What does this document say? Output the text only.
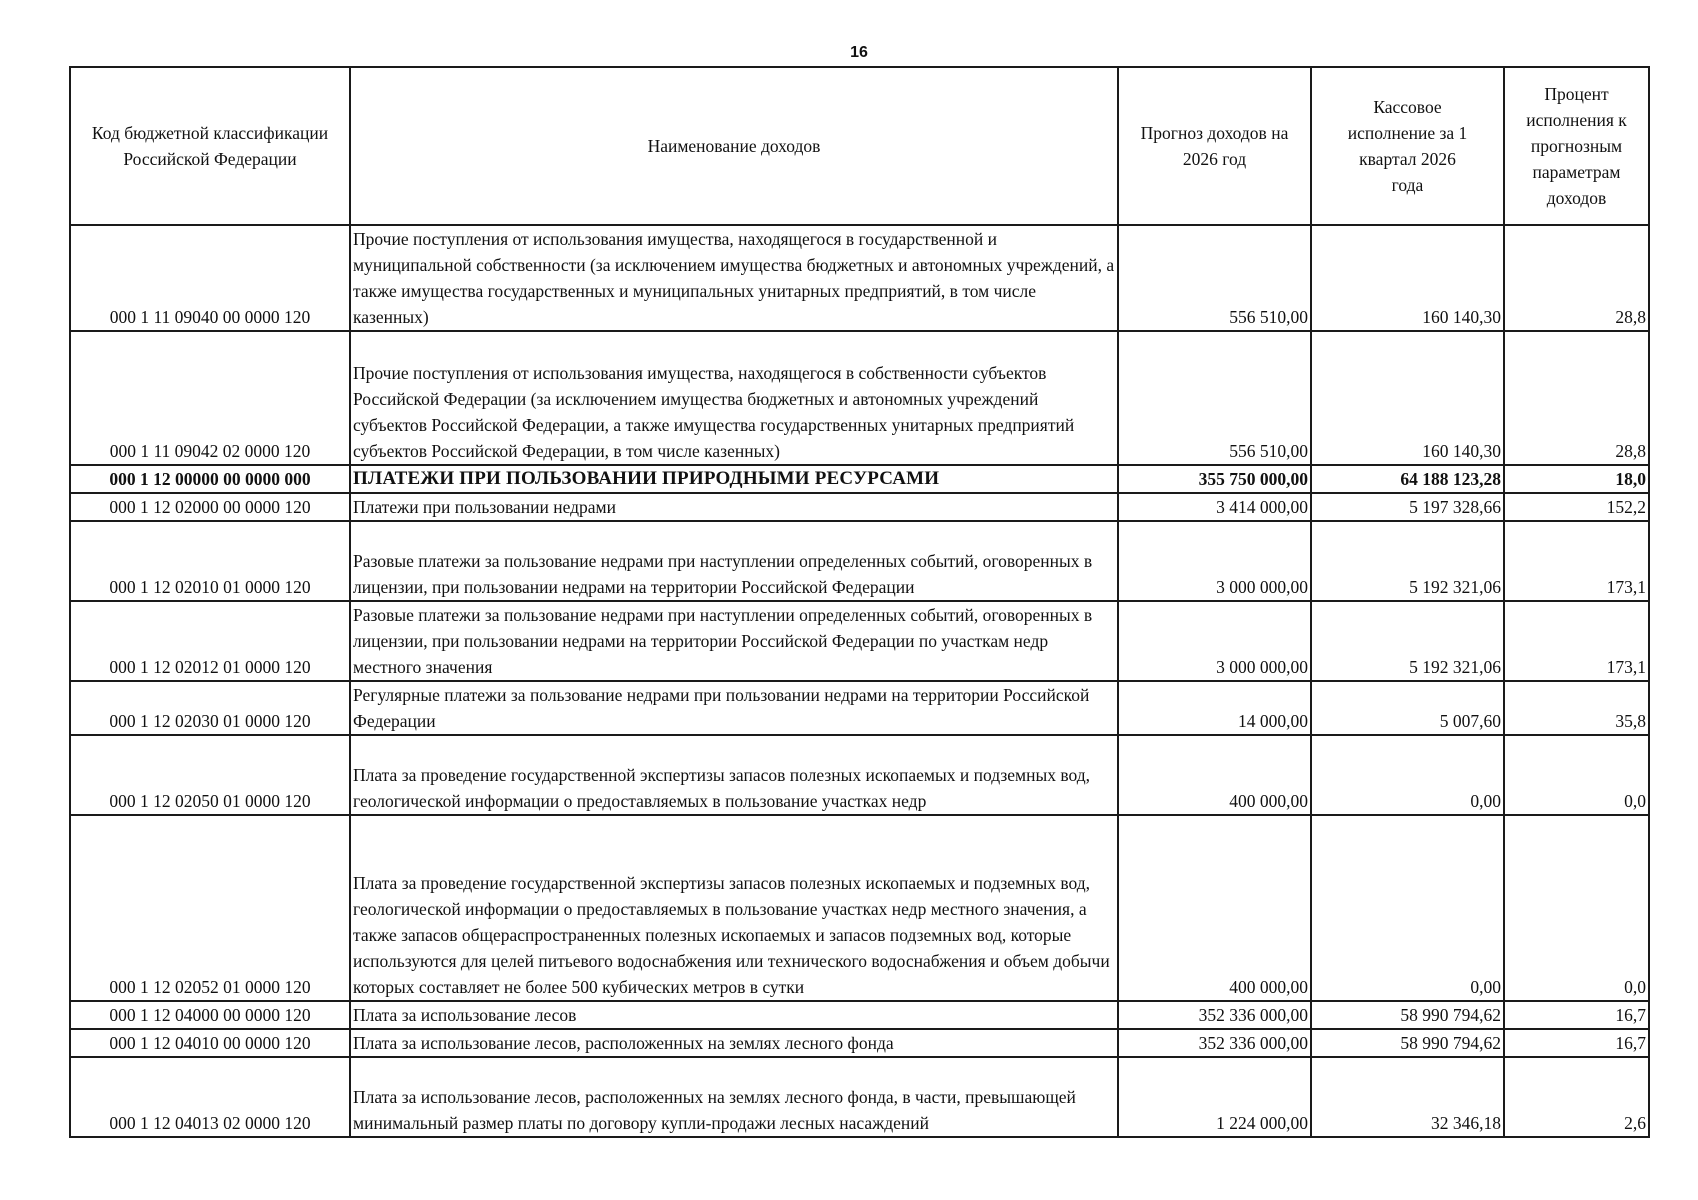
16
Код бюджетной классификации Российской Федерации	Наименование доходов	Прогноз доходов на 2026 год	Кассовое исполнение за 1 квартал 2026 года	Процент исполнения к прогнозным параметрам доходов
000 1 11 09040 00 0000 120	Прочие поступления от использования имущества, находящегося в государственной и муниципальной собственности (за исключением имущества бюджетных и автономных учреждений, а также имущества государственных и муниципальных унитарных предприятий, в том числе казенных)	556 510,00	160 140,30	28,8
000 1 11 09042 02 0000 120	Прочие поступления от использования имущества, находящегося в собственности субъектов Российской Федерации (за исключением имущества бюджетных и автономных учреждений субъектов Российской Федерации, а также имущества государственных унитарных предприятий субъектов Российской Федерации, в том числе казенных)	556 510,00	160 140,30	28,8
000 1 12 00000 00 0000 000	ПЛАТЕЖИ ПРИ ПОЛЬЗОВАНИИ ПРИРОДНЫМИ РЕСУРСАМИ	355 750 000,00	64 188 123,28	18,0
000 1 12 02000 00 0000 120	Платежи при пользовании недрами	3 414 000,00	5 197 328,66	152,2
000 1 12 02010 01 0000 120	Разовые платежи за пользование недрами при наступлении определенных событий, оговоренных в лицензии, при пользовании недрами на территории Российской Федерации	3 000 000,00	5 192 321,06	173,1
000 1 12 02012 01 0000 120	Разовые платежи за пользование недрами при наступлении определенных событий, оговоренных в лицензии, при пользовании недрами на территории Российской Федерации по участкам недр местного значения	3 000 000,00	5 192 321,06	173,1
000 1 12 02030 01 0000 120	Регулярные платежи за пользование недрами при пользовании недрами на территории Российской Федерации	14 000,00	5 007,60	35,8
000 1 12 02050 01 0000 120	Плата за проведение государственной экспертизы запасов полезных ископаемых и подземных вод, геологической информации о предоставляемых в пользование участках недр	400 000,00	0,00	0,0
000 1 12 02052 01 0000 120	Плата за проведение государственной экспертизы запасов полезных ископаемых и подземных вод, геологической информации о предоставляемых в пользование участках недр местного значения, а также запасов общераспространенных полезных ископаемых и запасов подземных вод, которые используются для целей питьевого водоснабжения или технического водоснабжения и объем добычи которых составляет не более 500 кубических метров в сутки	400 000,00	0,00	0,0
000 1 12 04000 00 0000 120	Плата за использование лесов	352 336 000,00	58 990 794,62	16,7
000 1 12 04010 00 0000 120	Плата за использование лесов, расположенных на землях лесного фонда	352 336 000,00	58 990 794,62	16,7
000 1 12 04013 02 0000 120	Плата за использование лесов, расположенных на землях лесного фонда, в части, превышающей минимальный размер платы по договору купли-продажи лесных насаждений	1 224 000,00	32 346,18	2,6
